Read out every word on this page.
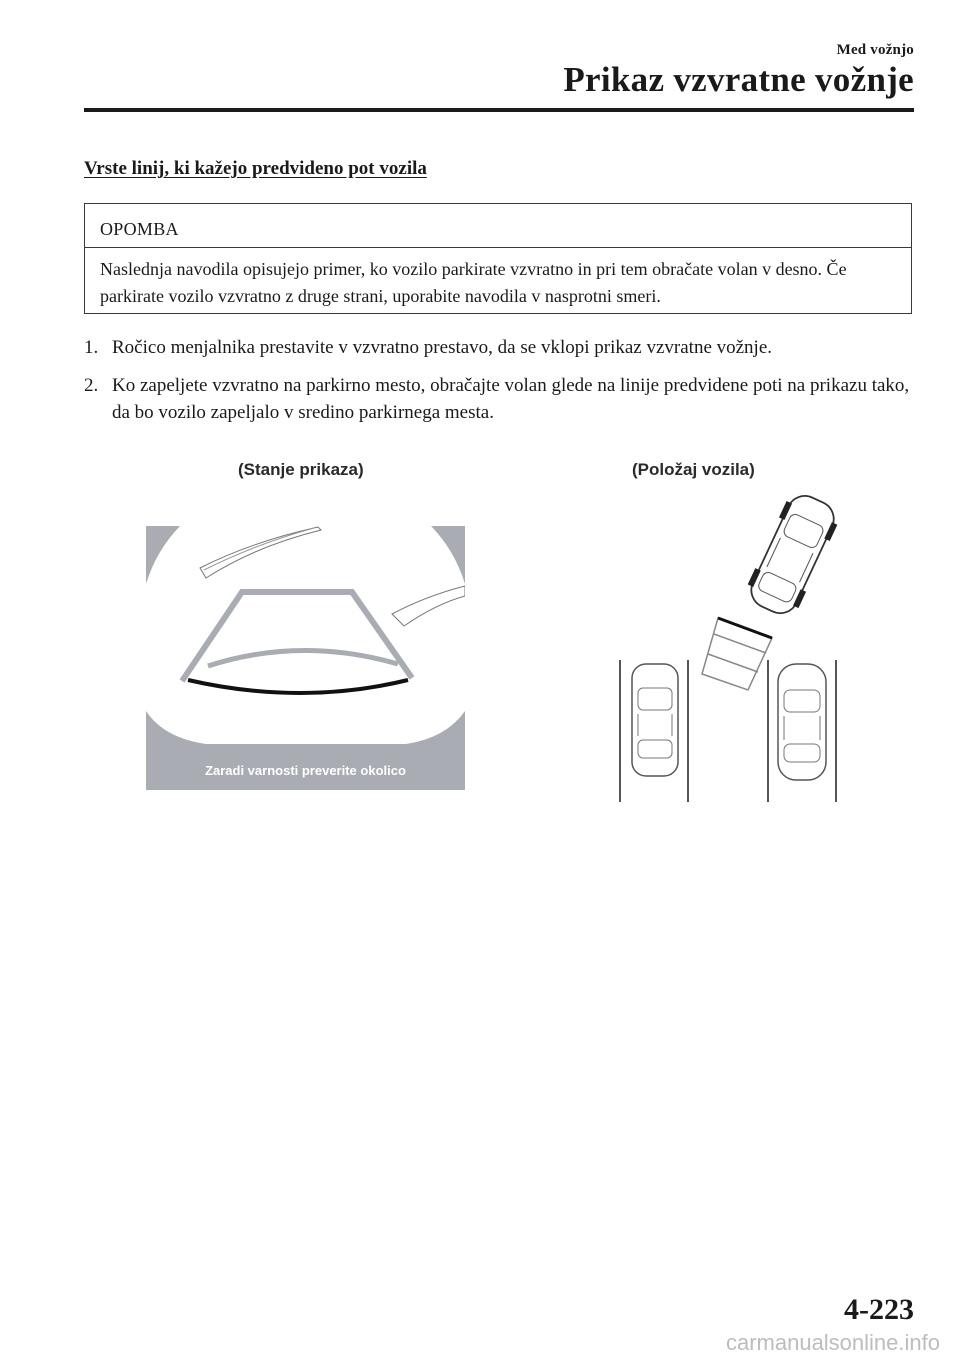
Med vožnjo
Prikaz vzvratne vožnje
Vrste linij, ki kažejo predvideno pot vozila
OPOMBA
Naslednja navodila opisujejo primer, ko vozilo parkirate vzvratno in pri tem obračate volan v desno. Če parkirate vozilo vzvratno z druge strani, uporabite navodila v nasprotni smeri.
1. Ročico menjalnika prestavite v vzvratno prestavo, da se vklopi prikaz vzvratne vožnje.
2. Ko zapeljete vzvratno na parkirno mesto, obračajte volan glede na linije predvidene poti na prikazu tako, da bo vozilo zapeljalo v sredino parkirnega mesta.
(Stanje prikaza)	(Položaj vozila)
Zaradi varnosti preverite okolico
4-223
carmanualsonline.info
